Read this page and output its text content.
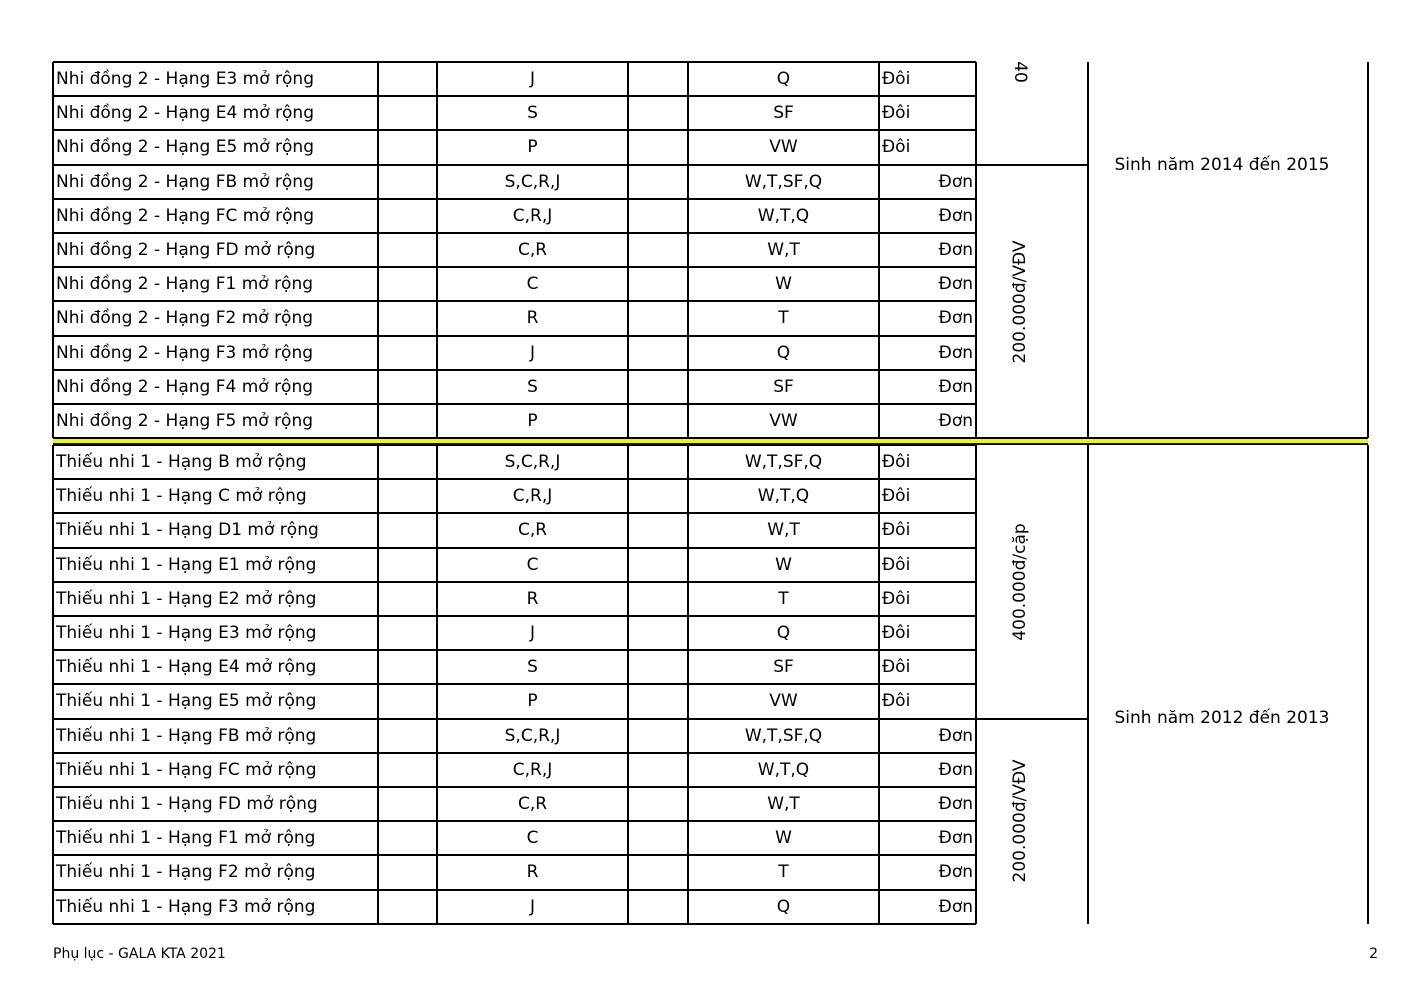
Nhi đồng 2 - Hạng E3 mở rộng	J	Q	Đôi
Nhi đồng 2 - Hạng E4 mở rộng	S	SF	Đôi
Nhi đồng 2 - Hạng E5 mở rộng	P	VW	Đôi
Nhi đồng 2 - Hạng FB mở rộng	S,C,R,J	W,T,SF,Q	Đơn
Nhi đồng 2 - Hạng FC mở rộng	C,R,J	W,T,Q	Đơn
Nhi đồng 2 - Hạng FD mở rộng	C,R	W,T	Đơn
Nhi đồng 2 - Hạng F1 mở rộng	C	W	Đơn
Nhi đồng 2 - Hạng F2 mở rộng	R	T	Đơn
Nhi đồng 2 - Hạng F3 mở rộng	J	Q	Đơn
Nhi đồng 2 - Hạng F4 mở rộng	S	SF	Đơn
Nhi đồng 2 - Hạng F5 mở rộng	P	VW	Đơn
40
200.000đ/VĐV
Sinh năm 2014 đến 2015
Thiếu nhi 1 - Hạng B mở rộng	S,C,R,J	W,T,SF,Q	Đôi
Thiếu nhi 1 - Hạng C mở rộng	C,R,J	W,T,Q	Đôi
Thiếu nhi 1 - Hạng D1 mở rộng	C,R	W,T	Đôi
Thiếu nhi 1 - Hạng E1 mở rộng	C	W	Đôi
Thiếu nhi 1 - Hạng E2 mở rộng	R	T	Đôi
Thiếu nhi 1 - Hạng E3 mở rộng	J	Q	Đôi
Thiếu nhi 1 - Hạng E4 mở rộng	S	SF	Đôi
Thiếu nhi 1 - Hạng E5 mở rộng	P	VW	Đôi
Thiếu nhi 1 - Hạng FB mở rộng	S,C,R,J	W,T,SF,Q	Đơn
Thiếu nhi 1 - Hạng FC mở rộng	C,R,J	W,T,Q	Đơn
Thiếu nhi 1 - Hạng FD mở rộng	C,R	W,T	Đơn
Thiếu nhi 1 - Hạng F1 mở rộng	C	W	Đơn
Thiếu nhi 1 - Hạng F2 mở rộng	R	T	Đơn
Thiếu nhi 1 - Hạng F3 mở rộng	J	Q	Đơn
400.000đ/cặp
200.000đ/VĐV
Sinh năm 2012 đến 2013
Phụ lục - GALA KTA 2021	2
